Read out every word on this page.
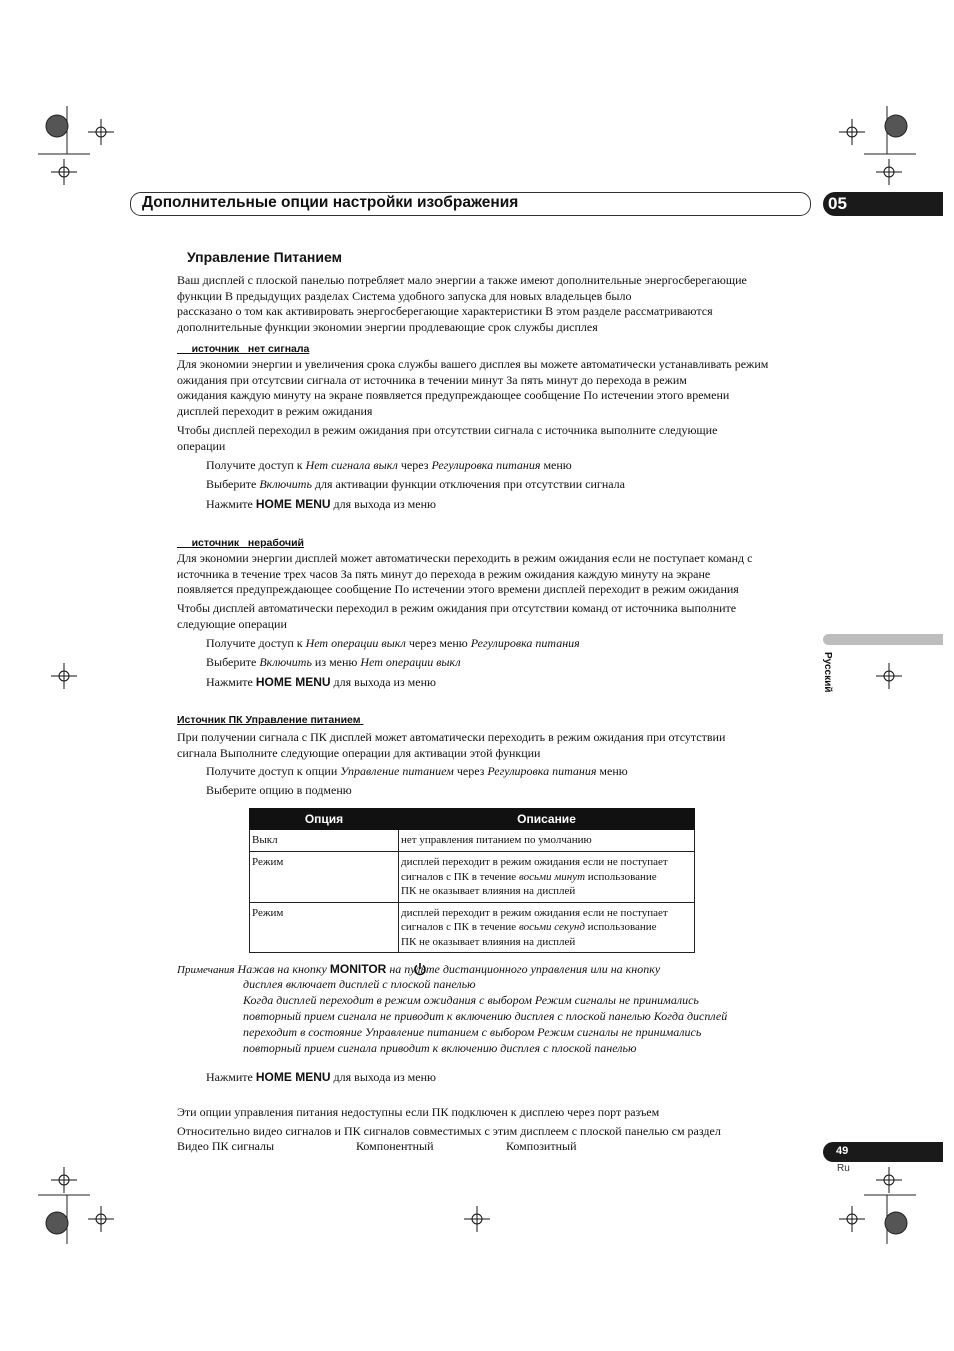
Дополнительные опции настройки изображения	05
Управление Питанием
Ваш дисплей с плоской панелью потребляет мало энергии а также имеют дополнительные энергосберегающие
функции В предыдущих разделах Система удобного запуска для новых владельцев было
рассказано о том как активировать энергосберегающие характеристики В этом разделе рассматриваются
дополнительные функции экономии энергии продлевающие срок службы дисплея
источник   нет сигнала
Для экономии энергии и увеличения срока службы вашего дисплея вы можете автоматически устанавливать режим
ожидания при отсутсвии сигнала от источника в течении минут За пять минут до перехода в режим
ожидания каждую минуту на экране появляется предупреждающее сообщение По истечении этого времени
дисплей переходит в режим ожидания
Чтобы дисплей переходил в режим ожидания при отсутствии сигнала с источника выполните следующие
операции
Получите доступ к Нет сигнала выкл через Регулировка питания меню
Выберите Включить для активации функции отключения при отсутствии сигнала
Нажмите HOME MENU для выхода из меню
источник   нерабочий
Для экономии энергии дисплей может автоматически переходить в режим ожидания если не поступает команд с
источника в течение трех часов За пять минут до перехода в режим ожидания каждую минуту на экране
появляется предупреждающее сообщение По истечении этого времени дисплей переходит в режим ожидания
Чтобы дисплей автоматически переходил в режим ожидания при отсутствии команд от источника выполните
следующие операции
Получите доступ к Нет операции выкл через меню Регулировка питания
Выберите Включить из меню Нет операции выкл
Нажмите HOME MENU для выхода из меню
Источник ПК Управление питанием
При получении сигнала с ПК дисплей может автоматически переходить в режим ожидания при отсутствии
сигнала Выполните следующие операции для активации этой функции
Получите доступ к опции Управление питанием через Регулировка питания меню
Выберите опцию в подменю
Опция	Описание
Выкл	нет управления питанием по умолчанию
Режим	дисплей переходит в режим ожидания если не поступает
сигналов с ПК в течение восьми минут использование
ПК не оказывает влияния на дисплей

Режим	дисплей переходит в режим ожидания если не поступает
сигналов с ПК в течение восьми секунд использование
ПК не оказывает влияния на дисплей
Примечания Нажав на кнопку MONITOR
на пульте дистанционного управления или на кнопку
дисплея включает дисплей с плоской панелью
Когда дисплей переходит в режим ожидания с выбором Режим сигналы не принимались
повторный прием сигнала не приводит к включению дисплея с плоской панелью Когда дисплей
переходит в состояние Управление питанием с выбором Режим сигналы не принимались
повторный прием сигнала приводит к включению дисплея с плоской панелью
Нажмите HOME MENU для выхода из меню
Эти опции управления питания недоступны если ПК подключен к дисплею через порт разъем
Относительно видео сигналов и ПК сигналов совместимых с этим дисплеем с плоской панелью см раздел
Видео ПК сигналы	Компонентный	Композитный
Русский
49
Ru
